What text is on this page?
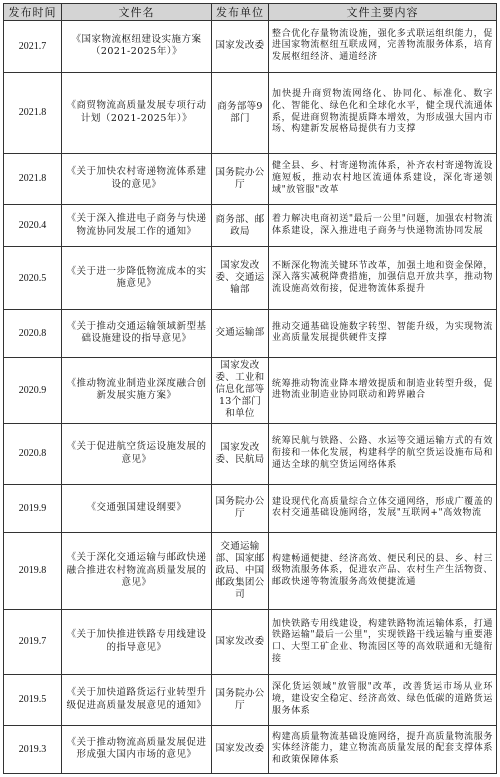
发布时间	文件名	发布单位	文件主要内容
2021.7	《国家物流枢纽建设实施方案（2021-2025年）》	国家发改委	整合优化存量物流设施，强化多式联运组织能力，促进国家物流枢纽互联成网，完善物流服务体系，培育发展枢纽经济、通道经济
2021.8	《商贸物流高质量发展专项行动计划（2021-2025年）》	商务部等9部门	加快提升商贸物流网络化、协同化、标准化、数字化、智能化、绿色化和全球化水平，健全现代流通体系，促进商贸物流提质降本增效，为形成强大国内市场、构建新发展格局提供有力支撑
2021.8	《关于加快农村寄递物流体系建设的意见》	国务院办公厅	健全县、乡、村寄递物流体系，补齐农村寄递物流设施短板，推动农村地区流通体系建设，深化寄递领域"放管服"改革
2020.4	《关于深入推进电子商务与快递物流协同发展工作的通知》	商务部、邮政局	着力解决电商初送"最后一公里"问题，加强农村物流体系建设，深入推进电子商务与快递物流协同发展
2020.5	《关于进一步降低物流成本的实施意见》	国家发改委、交通运输部	不断深化物流关键环节改革，加强土地和资金保障，深入落实减税降费措施，加强信息开放共享，推动物流设施高效衔接，促进物流体系提升
2020.8	《关于推动交通运输领域新型基础设施建设的指导意见》	交通运输部	推动交通基础设施数字转型、智能升级，为实现物流业高质量发展提供硬件支撑
2020.9	《推动物流业制造业深度融合创新发展实施方案》	国家发改委、工业和信息化部等13个部门和单位	统筹推动物流业降本增效提质和制造业转型升级，促进物流业制造业协同联动和跨界融合
2020.8	《关于促进航空货运设施发展的意见》	国家发改委、民航局	统筹民航与铁路、公路、水运等交通运输方式的有效衔接和一体化发展，构建科学的航空货运设施布局和通达全球的航空货运网络体系
2019.9	《交通强国建设纲要》	国务院办公厅	建设现代化高质量综合立体交通网络，形成广覆盖的农村交通基础设施网络，发展"互联网+"高效物流
2019.8	《关于深化交通运输与邮政快递融合推进农村物流高质量发展的意见》	交通运输部、国家邮政局、中国邮政集团公司	构建畅通便捷、经济高效、便民利民的县、乡、村三级物流服务体系，促进农产品、农村生产生活物资、邮政快递等物流服务高效便捷流通
2019.7	《关于加快推进铁路专用线建设的指导意见》	国家发改委	加快铁路专用线建设，构建铁路物流运输体系，打通铁路运输"最后一公里"，实现铁路干线运输与重要港口、大型工矿企业、物流园区等的高效联通和无缝衔接
2019.5	《关于加快道路货运行业转型升级促进高质量发展意见的通知》	国务院办公厅	深化货运领域"放管服"改革，改善货运市场从业环境，建设安全稳定、经济高效、绿色低碳的道路货运服务体系
2019.3	《关于推动物流高质量发展促进形成强大国内市场的意见》	国家发改委	构建高质量物流基础设施网络，提升高质量物流服务实体经济能力，建立物流高质量发展的配套支撑体系和政策保障体系
